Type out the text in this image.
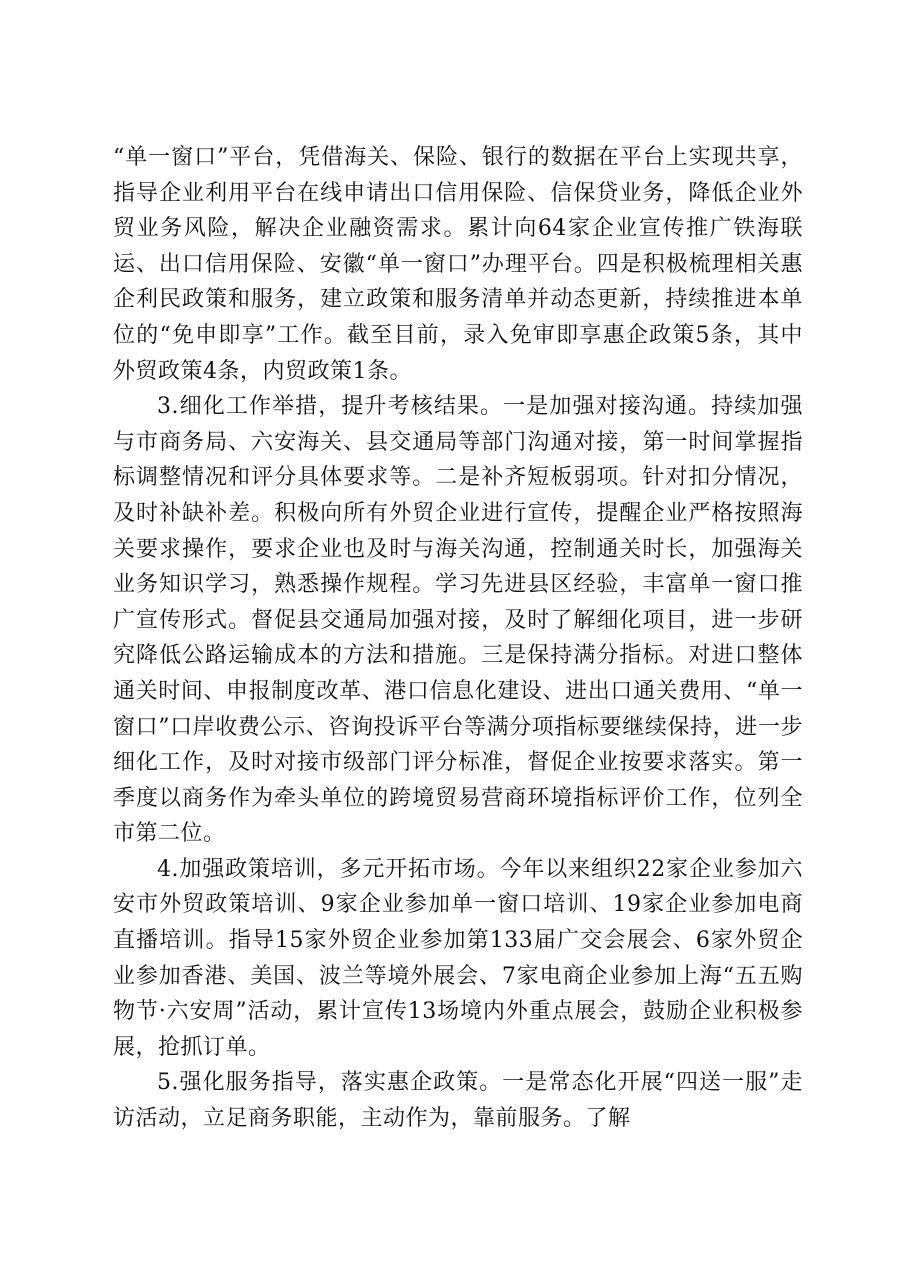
“单一窗口”平台，凭借海关、保险、银行的数据在平台上实现共享，指导企业利用平台在线申请出口信用保险、信保贷业务，降低企业外贸业务风险，解决企业融资需求。累计向64家企业宣传推广铁海联运、出口信用保险、安徽“单一窗口”办理平台。四是积极梳理相关惠企利民政策和服务，建立政策和服务清单并动态更新，持续推进本单位的“免申即享”工作。截至目前，录入免审即享惠企政策5条，其中外贸政策4条，内贸政策1条。

3.细化工作举措，提升考核结果。一是加强对接沟通。持续加强与市商务局、六安海关、县交通局等部门沟通对接，第一时间掌握指标调整情况和评分具体要求等。二是补齐短板弱项。针对扣分情况，及时补缺补差。积极向所有外贸企业进行宣传，提醒企业严格按照海关要求操作，要求企业也及时与海关沟通，控制通关时长，加强海关业务知识学习，熟悉操作规程。学习先进县区经验，丰富单一窗口推广宣传形式。督促县交通局加强对接，及时了解细化项目，进一步研究降低公路运输成本的方法和措施。三是保持满分指标。对进口整体通关时间、申报制度改革、港口信息化建设、进出口通关费用、“单一窗口”口岸收费公示、咨询投诉平台等满分项指标要继续保持，进一步细化工作，及时对接市级部门评分标准，督促企业按要求落实。第一季度以商务作为牵头单位的跨境贸易营商环境指标评价工作，位列全市第二位。

4.加强政策培训，多元开拓市场。今年以来组织22家企业参加六安市外贸政策培训、9家企业参加单一窗口培训、19家企业参加电商直播培训。指导15家外贸企业参加第133届广交会展会、6家外贸企业参加香港、美国、波兰等境外展会、7家电商企业参加上海“五五购物节·六安周”活动，累计宣传13场境内外重点展会，鼓励企业积极参展，抢抓订单。

5.强化服务指导，落实惠企政策。一是常态化开展“四送一服”走访活动，立足商务职能，主动作为，靠前服务。了解
